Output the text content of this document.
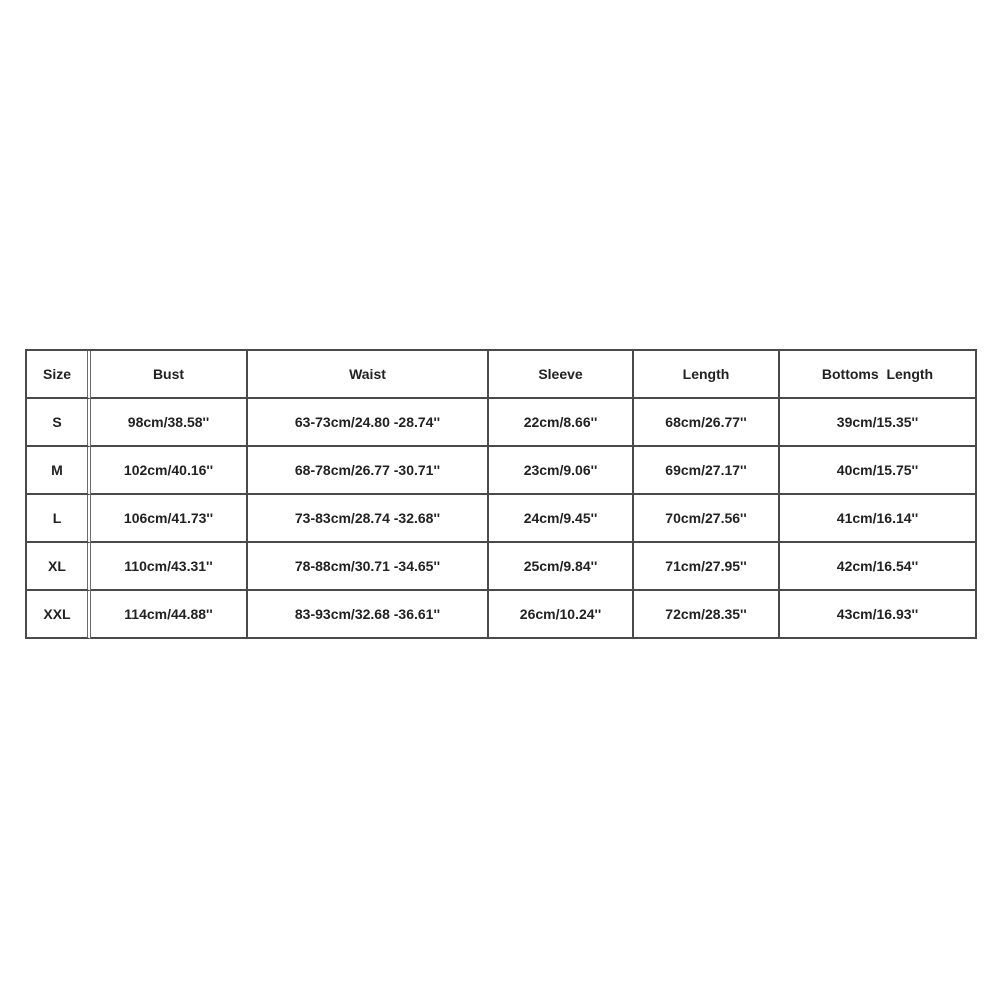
Size	Bust	Waist	Sleeve	Length	Bottoms  Length
S	98cm/38.58''	63-73cm/24.80 -28.74''	22cm/8.66''	68cm/26.77''	39cm/15.35''
M	102cm/40.16''	68-78cm/26.77 -30.71''	23cm/9.06''	69cm/27.17''	40cm/15.75''
L	106cm/41.73''	73-83cm/28.74 -32.68''	24cm/9.45''	70cm/27.56''	41cm/16.14''
XL	110cm/43.31''	78-88cm/30.71 -34.65''	25cm/9.84''	71cm/27.95''	42cm/16.54''
XXL	114cm/44.88''	83-93cm/32.68 -36.61''	26cm/10.24''	72cm/28.35''	43cm/16.93''
